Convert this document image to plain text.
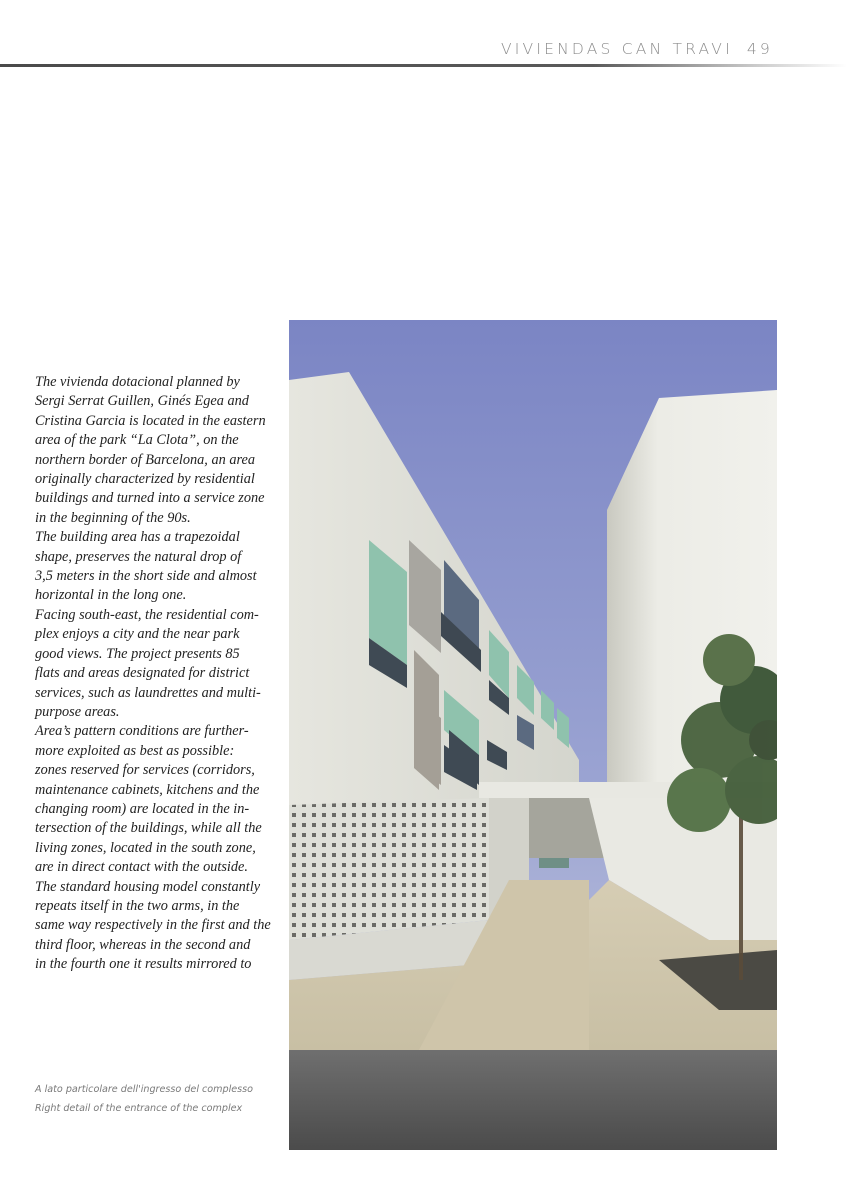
VIVIENDAS CAN TRAVI 49
The vivienda dotacional planned by
Sergi Serrat Guillen, Ginés Egea and
Cristina Garcia is located in the eastern
area of the park “La Clota”, on the
northern border of Barcelona, an area
originally characterized by residential
buildings and turned into a service zone
in the beginning of the 90s.
The building area has a trapezoidal
shape, preserves the natural drop of
3,5 meters in the short side and almost
horizontal in the long one.
Facing south-east, the residential com-
plex enjoys a city and the near park
good views. The project presents 85
flats and areas designated for district
services, such as laundrettes and multi-
purpose areas.
Area’s pattern conditions are further-
more exploited as best as possible:
zones reserved for services (corridors,
maintenance cabinets, kitchens and the
changing room) are located in the in-
tersection of the buildings, while all the
living zones, located in the south zone,
are in direct contact with the outside.
The standard housing model constantly
repeats itself in the two arms, in the
same way respectively in the first and the
third floor, whereas in the second and
in the fourth one it results mirrored to
A lato particolare dell'ingresso del complesso
Right detail of the entrance of the complex
